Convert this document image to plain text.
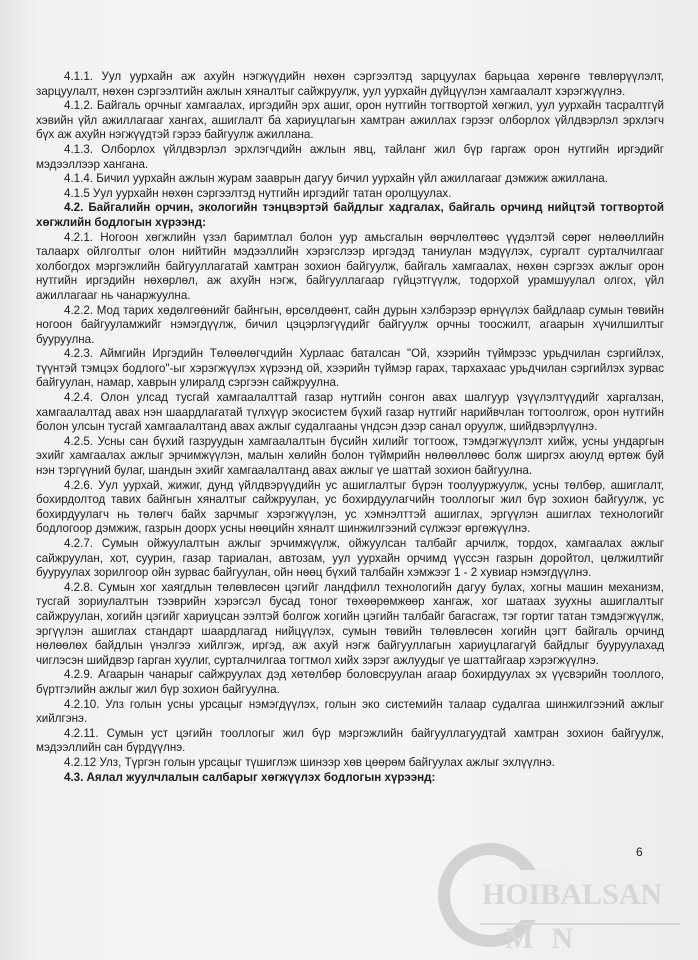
4.1.1. Уул уурхайн аж ахуйн нэгжүүдийн нөхөн сэргээлтэд зарцуулах барьцаа хөрөнгө төвлөрүүлэлт, зарцуулалт, нөхөн сэргээлтийн ажлын хяналтыг сайжруулж, уул уурхайн дүйцүүлэн хамгаалалт хэрэгжүүлнэ.

4.1.2. Байгаль орчныг хамгаалах, иргэдийн эрх ашиг, орон нутгийн тогтвортой хөгжил, уул уурхайн тасралтгүй хэвийн үйл ажиллагааг хангах, ашиглалт ба хариуцлагын хамтран ажиллах гэрээг олборлох үйлдвэрлэл эрхлэгч бүх аж ахуйн нэгжүүдтэй гэрээ байгуулж ажиллана.

4.1.3. Олборлох үйлдвэрлэл эрхлэгчдийн ажлын явц, тайланг жил бүр гаргаж орон нутгийн иргэдийг мэдээллээр хангана.

4.1.4. Бичил уурхайн ажлын журам зааврын дагуу бичил уурхайн үйл ажиллагааг дэмжиж ажиллана.

4.1.5 Уул уурхайн нөхөн сэргээлтэд нутгийн иргэдийг татан оролцуулах.

4.2. Байгалийн орчин, экологийн тэнцвэртэй байдлыг хадгалах, байгаль орчинд нийцтэй тогтвортой хөгжлийн бодлогын хүрээнд:

4.2.1. Ногоон хөгжлийн үзэл баримтлал болон уур амьсгалын өөрчлөлтөөс үүдэлтэй сөрөг нөлөөллийн талаарх ойлголтыг олон нийтийн мэдээллийн хэрэгслээр иргэдэд таниулан мэдүүлэх, сургалт сурталчилгааг холбогдох мэргэжлийн байгууллагатай хамтран зохион байгуулж, байгаль хамгаалах, нөхөн сэргээх ажлыг орон нутгийн иргэдийн нөхөрлөл, аж ахуйн нэгж, байгууллагаар гүйцэтгүүлж, тодорхой урамшуулал олгох, үйл ажиллагааг нь чанаржуулна.

4.2.2. Мод тарих хөдөлгөөнийг байнгын, өрсөлдөөнт, сайн дурын хэлбэрээр өрнүүлэх байдлаар сумын төвийн ногоон байгууламжийг нэмэгдүүлж, бичил цэцэрлэгүүдийг байгуулж орчны тоосжилт, агаарын хүчилшилтыг бууруулна.

4.2.3. Аймгийн Иргэдийн Төлөөлөгчдийн Хурлаас баталсан "Ой, хээрийн түймрээс урьдчилан сэргийлэх, түүнтэй тэмцэх бодлого"-ыг хэрэгжүүлэх хүрээнд ой, хээрийн түймэр гарах, тархахаас урьдчилан сэргийлэх зурвас байгуулан, намар, хаврын улиралд сэргээн сайжруулна.

4.2.4. Олон улсад тусгай хамгаалалттай газар нутгийн сонгон авах шалгуур үзүүлэлтүүдийг харгалзан, хамгаалалтад авах нэн шаардлагатай түлхүүр экосистем бүхий газар нутгийг нарийвчлан тогтоолгож, орон нутгийн болон улсын тусгай хамгаалалтанд авах ажлыг судалгааны үндсэн дээр санал оруулж, шийдвэрлүүлнэ.

4.2.5. Усны сан бүхий газруудын хамгаалалтын бүсийн хилийг тогтоож, тэмдэгжүүлэлт хийж, усны ундаргын эхийг хамгаалах ажлыг эрчимжүүлэн, малын хөлийн болон түймрийн нөлөөллөөс болж ширгэх аюулд өртөж буй нэн тэргүүний булаг, шандын эхийг хамгаалалтанд авах ажлыг үе шаттай зохион байгуулна.

4.2.6. Уул уурхай, жижиг, дунд үйлдвэрүүдийн ус ашиглалтыг бүрэн тоолууржуулж, усны төлбөр, ашиглалт, бохирдолтод тавих байнгын хяналтыг сайжруулан, ус бохирдуулагчийн тооллогыг жил бүр зохион байгуулж, ус бохирдуулагч нь төлөгч байх зарчмыг хэрэгжүүлэн, ус хэмнэлттэй ашиглах, эргүүлэн ашиглах технологийг бодлогоор дэмжиж, газрын доорх усны нөөцийн хяналт шинжилгээний сүлжээг өргөжүүлнэ.

4.2.7. Сумын ойжуулалтын ажлыг эрчимжүүлж, ойжуулсан талбайг арчилж, тордох, хамгаалах ажлыг сайжруулан, хот, суурин, газар тариалан, автозам, уул уурхайн орчимд үүссэн газрын доройтол, цөлжилтийг бууруулах зорилгоор ойн зурвас байгуулан, ойн нөөц бүхий талбайн хэмжээг 1 - 2 хувиар нэмэгдүүлнэ.

4.2.8. Сумын хог хаягдлын төлөвлөсөн цэгийг ландфилл технологийн дагуу булах, хогны машин механизм, тусгай зориулалтын тээврийн хэрэгсэл бусад тоног төхөөрөмжөөр хангаж, хог шатаах зуухны ашиглалтыг сайжруулан, хогийн цэгийг хариуцсан ээлтэй болгож хогийн цэгийн талбайг багасгаж, тэг гортиг татан тэмдэгжүүлж, эргүүлэн ашиглах стандарт шаардлагад нийцүүлэх, сумын төвийн төлөвлөсөн хогийн цэгт байгаль орчинд нөлөөлөх байдлын үнэлгээ хийлгэж, иргэд, аж ахуй нэгж байгууллагын хариуцлагагүй байдлыг бууруулахад чиглэсэн шийдвэр гарган хуулиг, сурталчилгаа тогтмол хийх зэрэг ажлуудыг үе шаттайгаар хэрэгжүүлнэ.

4.2.9. Агаарын чанарыг сайжруулах дэд хөтөлбөр боловсруулан агаар бохирдуулах эх үүсвэрийн тооллого, бүртгэлийн ажлыг жил бүр зохион байгуулна.

4.2.10. Улз голын усны урсацыг нэмэгдүүлэх, голын эко системийн талаар судалгаа шинжилгээний ажлыг хийлгэнэ.

4.2.11. Сумын уст цэгийн тооллогыг жил бүр мэргэжлийн байгууллагуудтай хамтран зохион байгуулж, мэдээллийн сан бүрдүүлнэ.

4.2.12 Улз, Түргэн голын урсацыг түшиглэж шинээр хөв цөөрөм байгуулах ажлыг эхлүүлнэ.

4.3. Аялал жуулчлалын салбарыг хөгжүүлэх бодлогын хүрээнд:

6
HOIBALSAN
MN
